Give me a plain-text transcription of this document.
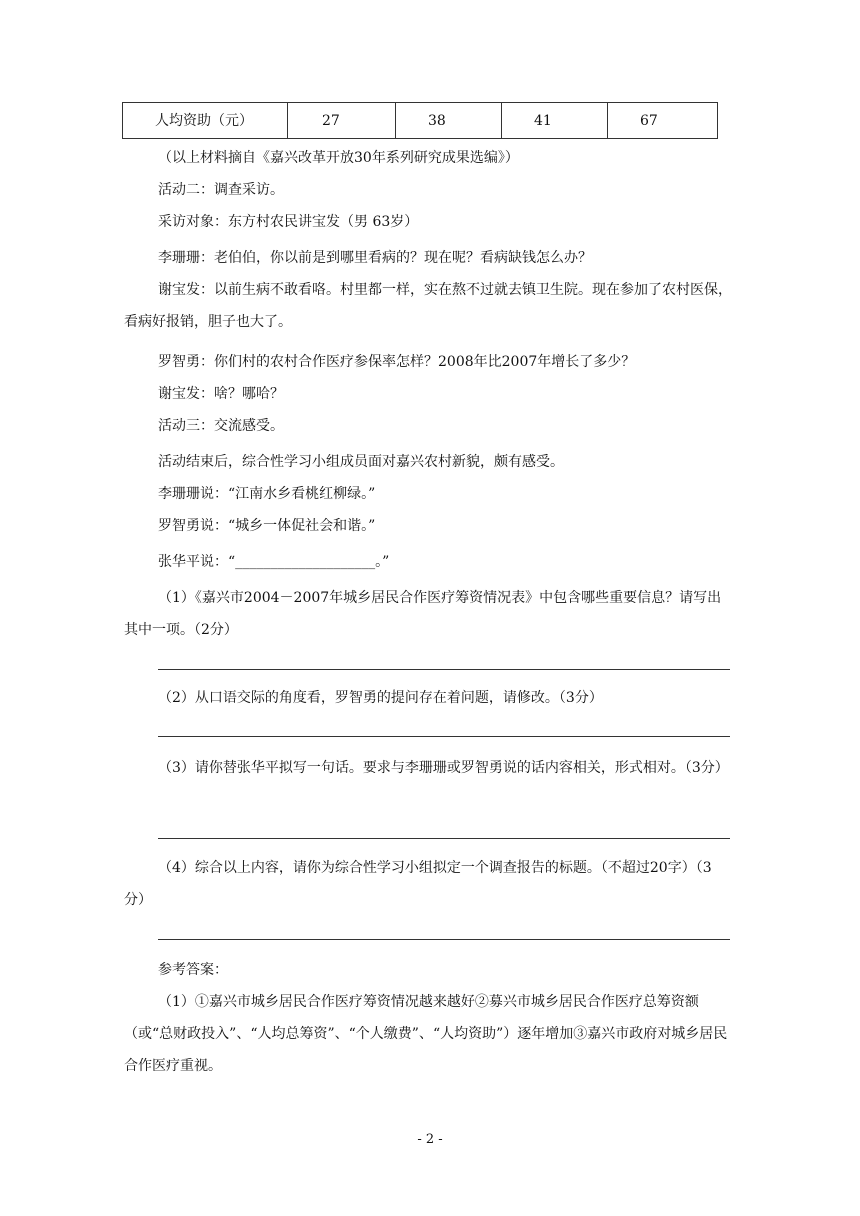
人均资助（元）	27	38	41	67
（以上材料摘自《嘉兴改革开放30年系列研究成果选编》）
活动二：调查采访。
采访对象：东方村农民讲宝发（男 63岁）
李珊珊：老伯伯，你以前是到哪里看病的？现在呢？看病缺钱怎么办？
谢宝发：以前生病不敢看咯。村里都一样，实在熬不过就去镇卫生院。现在参加了农村医保，看病好报销，胆子也大了。
罗智勇：你们村的农村合作医疗参保率怎样？2008年比2007年增长了多少？
谢宝发：啥？哪哈？
活动三：交流感受。
活动结束后，综合性学习小组成员面对嘉兴农村新貌，颇有感受。
李珊珊说：“江南水乡看桃红柳绿。”
罗智勇说：“城乡一体促社会和谐。”
张华平说：“____________________。”
（1）《嘉兴市2004－2007年城乡居民合作医疗筹资情况表》中包含哪些重要信息？请写出其中一项。（2分）
（2）从口语交际的角度看，罗智勇的提问存在着问题，请修改。（3分）
（3）请你替张华平拟写一句话。要求与李珊珊或罗智勇说的话内容相关，形式相对。（3分）
（4）综合以上内容，请你为综合性学习小组拟定一个调查报告的标题。（不超过20字）（3分）
参考答案：
（1）①嘉兴市城乡居民合作医疗筹资情况越来越好②募兴市城乡居民合作医疗总筹资额（或“总财政投入”、“人均总筹资”、“个人缴费”、“人均资助”）逐年增加③嘉兴市政府对城乡居民合作医疗重视。
- 2 -
